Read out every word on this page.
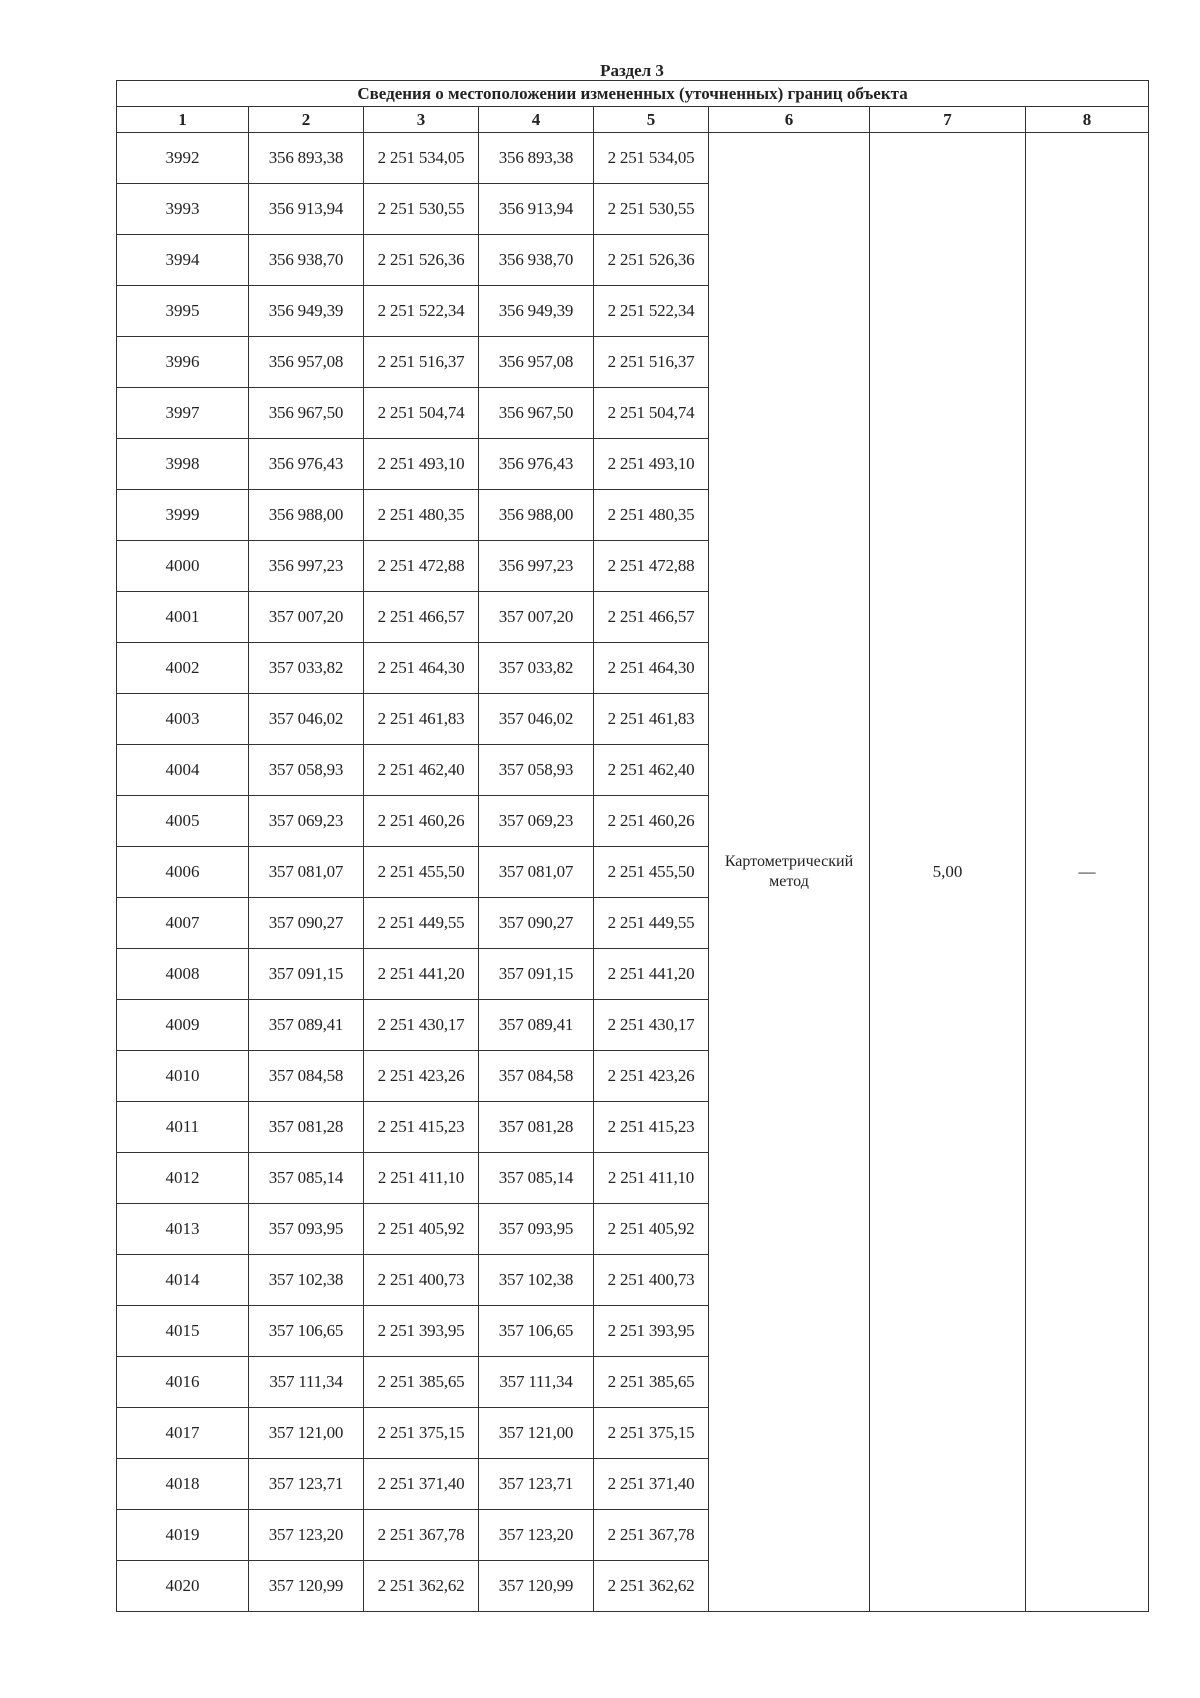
Раздел 3
Сведения о местоположении измененных (уточненных) границ объекта							
1	2	3	4	5	6	7	8
3992	356 893,38	2 251 534,05	356 893,38	2 251 534,05	Картометрический метод	5,00	—
3993	356 913,94	2 251 530,55	356 913,94	2 251 530,55			
3994	356 938,70	2 251 526,36	356 938,70	2 251 526,36			
3995	356 949,39	2 251 522,34	356 949,39	2 251 522,34			
3996	356 957,08	2 251 516,37	356 957,08	2 251 516,37			
3997	356 967,50	2 251 504,74	356 967,50	2 251 504,74			
3998	356 976,43	2 251 493,10	356 976,43	2 251 493,10			
3999	356 988,00	2 251 480,35	356 988,00	2 251 480,35			
4000	356 997,23	2 251 472,88	356 997,23	2 251 472,88			
4001	357 007,20	2 251 466,57	357 007,20	2 251 466,57			
4002	357 033,82	2 251 464,30	357 033,82	2 251 464,30			
4003	357 046,02	2 251 461,83	357 046,02	2 251 461,83			
4004	357 058,93	2 251 462,40	357 058,93	2 251 462,40			
4005	357 069,23	2 251 460,26	357 069,23	2 251 460,26			
4006	357 081,07	2 251 455,50	357 081,07	2 251 455,50			
4007	357 090,27	2 251 449,55	357 090,27	2 251 449,55			
4008	357 091,15	2 251 441,20	357 091,15	2 251 441,20			
4009	357 089,41	2 251 430,17	357 089,41	2 251 430,17			
4010	357 084,58	2 251 423,26	357 084,58	2 251 423,26			
4011	357 081,28	2 251 415,23	357 081,28	2 251 415,23			
4012	357 085,14	2 251 411,10	357 085,14	2 251 411,10			
4013	357 093,95	2 251 405,92	357 093,95	2 251 405,92			
4014	357 102,38	2 251 400,73	357 102,38	2 251 400,73			
4015	357 106,65	2 251 393,95	357 106,65	2 251 393,95			
4016	357 111,34	2 251 385,65	357 111,34	2 251 385,65			
4017	357 121,00	2 251 375,15	357 121,00	2 251 375,15			
4018	357 123,71	2 251 371,40	357 123,71	2 251 371,40			
4019	357 123,20	2 251 367,78	357 123,20	2 251 367,78			
4020	357 120,99	2 251 362,62	357 120,99	2 251 362,62			
